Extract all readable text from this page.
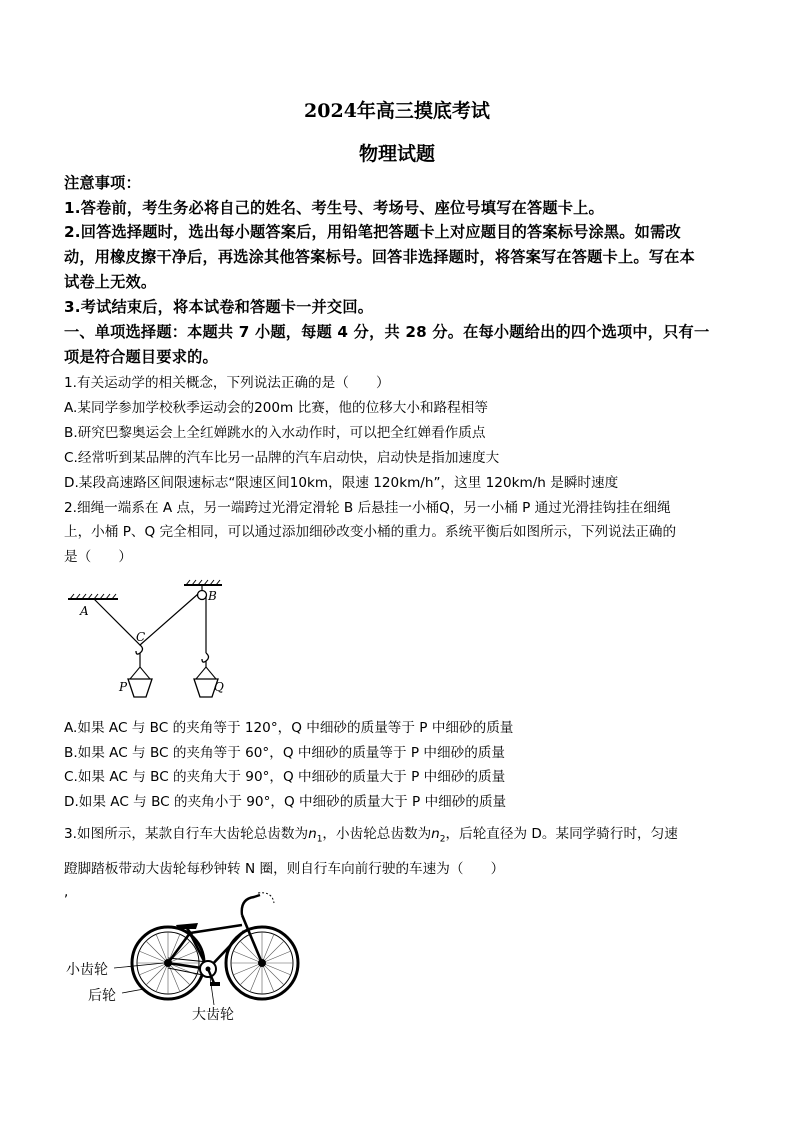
2024年高三摸底考试
物理试题
注意事项：
1.答卷前，考生务必将自己的姓名、考生号、考场号、座位号填写在答题卡上。
2.回答选择题时，选出每小题答案后，用铅笔把答题卡上对应题目的答案标号涂黑。如需改
动，用橡皮擦干净后，再选涂其他答案标号。回答非选择题时，将答案写在答题卡上。写在本
试卷上无效。
3.考试结束后，将本试卷和答题卡一并交回。
一、单项选择题：本题共 7 小题，每题 4 分，共 28 分。在每小题给出的四个选项中，只有一
项是符合题目要求的。
1.有关运动学的相关概念，下列说法正确的是（　　）
A.某同学参加学校秋季运动会的200m 比赛，他的位移大小和路程相等
B.研究巴黎奥运会上全红婵跳水的入水动作时，可以把全红婵看作质点
C.经常听到某品牌的汽车比另一品牌的汽车启动快，启动快是指加速度大
D.某段高速路区间限速标志“限速区间10km，限速 120km/h”，这里 120km/h 是瞬时速度
2.细绳一端系在 A 点，另一端跨过光滑定滑轮 B 后悬挂一小桶Q，另一小桶 P 通过光滑挂钩挂在细绳
上，小桶 P、Q 完全相同，可以通过添加细砂改变小桶的重力。系统平衡后如图所示，下列说法正确的
是（　　）
A
B
C
P	Q
A.如果 AC 与 BC 的夹角等于 120°，Q 中细砂的质量等于 P 中细砂的质量
B.如果 AC 与 BC 的夹角等于 60°，Q 中细砂的质量等于 P 中细砂的质量
C.如果 AC 与 BC 的夹角大于 90°，Q 中细砂的质量大于 P 中细砂的质量
D.如果 AC 与 BC 的夹角小于 90°，Q 中细砂的质量大于 P 中细砂的质量
3.如图所示，某款自行车大齿轮总齿数为$n_1$，小齿轮总齿数为$n_2$，后轮直径为 D。某同学骑行时，匀速
蹬脚踏板带动大齿轮每秒钟转 N 圈，则自行车向前行驶的车速为（　　）
,
小齿轮
后轮
大齿轮
